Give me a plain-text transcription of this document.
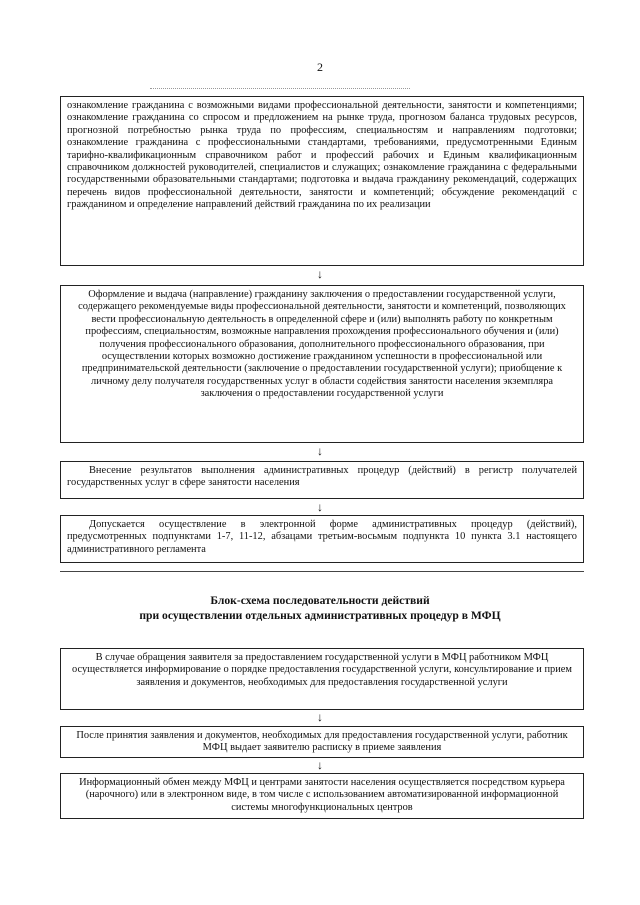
2

ознакомление гражданина с возможными видами профессиональной деятельности, занятости и компетенциями; ознакомление гражданина со спросом и предложением на рынке труда, прогнозом баланса трудовых ресурсов, прогнозной потребностью рынка труда по профессиям, специальностям и направлениям подготовки; ознакомление гражданина с профессиональными стандартами, требованиями, предусмотренными Единым тарифно-квалификационным справочником работ и профессий рабочих и Единым квалификационным справочником должностей руководителей, специалистов и служащих; ознакомление гражданина с федеральными государственными образовательными стандартами; подготовка и выдача гражданину рекомендаций, содержащих перечень видов профессиональной деятельности, занятости и компетенций; обсуждение рекомендаций с гражданином и определение направлений действий гражданина по их реализации

↓

Оформление и выдача (направление) гражданину заключения о предоставлении государственной услуги, содержащего рекомендуемые виды профессиональной деятельности, занятости и компетенций, позволяющих вести профессиональную деятельность в определенной сфере и (или) выполнять работу по конкретным профессиям, специальностям, возможные направления прохождения профессионального обучения и (или) получения профессионального образования, дополнительного профессионального образования, при осуществлении которых возможно достижение гражданином успешности в профессиональной или предпринимательской деятельности (заключение о предоставлении государственной услуги); приобщение к личному делу получателя государственных услуг в области содействия занятости населения экземпляра заключения о предоставлении государственной услуги

↓

Внесение результатов выполнения административных процедур (действий) в регистр получателей государственных услуг в сфере занятости населения

↓

Допускается осуществление в электронной форме административных процедур (действий), предусмотренных подпунктами 1-7, 11-12, абзацами третьим-восьмым подпункта 10 пункта 3.1 настоящего административного регламента

Блок-схема последовательности действий
при осуществлении отдельных административных процедур в МФЦ

В случае обращения заявителя за предоставлением государственной услуги в МФЦ работником МФЦ осуществляется информирование о порядке предоставления государственной услуги, консультирование и прием заявления и документов, необходимых для предоставления государственной услуги

↓

После принятия заявления и документов, необходимых для предоставления государственной услуги, работник МФЦ выдает заявителю расписку в приеме заявления

↓

Информационный обмен между МФЦ и центрами занятости населения осуществляется посредством курьера (нарочного) или в электронном виде, в том числе с использованием автоматизированной информационной системы многофункциональных центров
